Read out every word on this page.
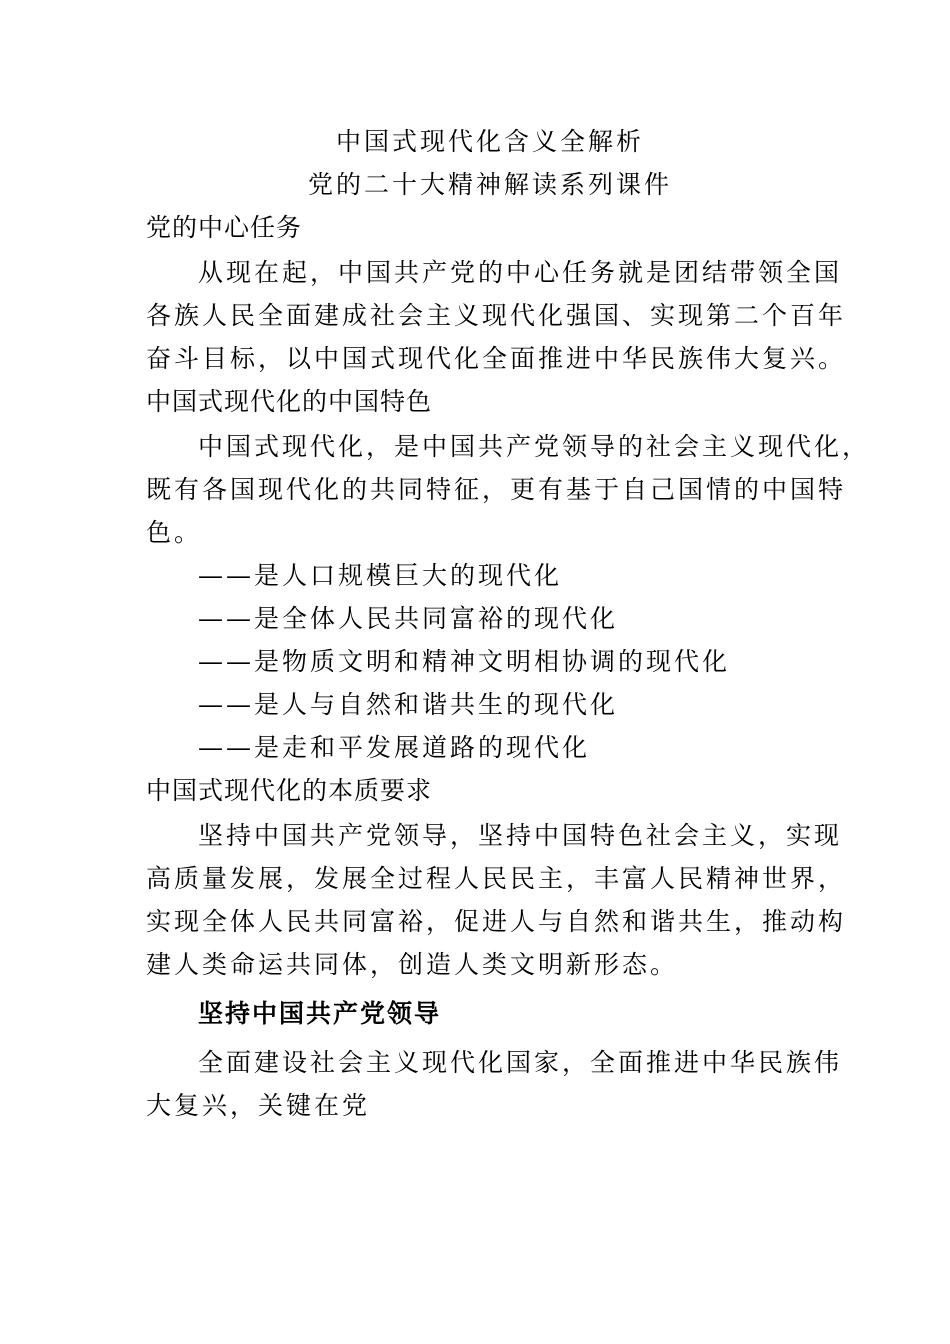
中国式现代化含义全解析
党的二十大精神解读系列课件
党的中心任务
从现在起，中国共产党的中心任务就是团结带领全国
各族人民全面建成社会主义现代化强国、实现第二个百年
奋斗目标，以中国式现代化全面推进中华民族伟大复兴。
中国式现代化的中国特色
中国式现代化，是中国共产党领导的社会主义现代化，
既有各国现代化的共同特征，更有基于自己国情的中国特
色。
——是人口规模巨大的现代化
——是全体人民共同富裕的现代化
——是物质文明和精神文明相协调的现代化
——是人与自然和谐共生的现代化
——是走和平发展道路的现代化
中国式现代化的本质要求
坚持中国共产党领导，坚持中国特色社会主义，实现
高质量发展，发展全过程人民民主，丰富人民精神世界，
实现全体人民共同富裕，促进人与自然和谐共生，推动构
建人类命运共同体，创造人类文明新形态。
坚持中国共产党领导
全面建设社会主义现代化国家，全面推进中华民族伟
大复兴，关键在党
